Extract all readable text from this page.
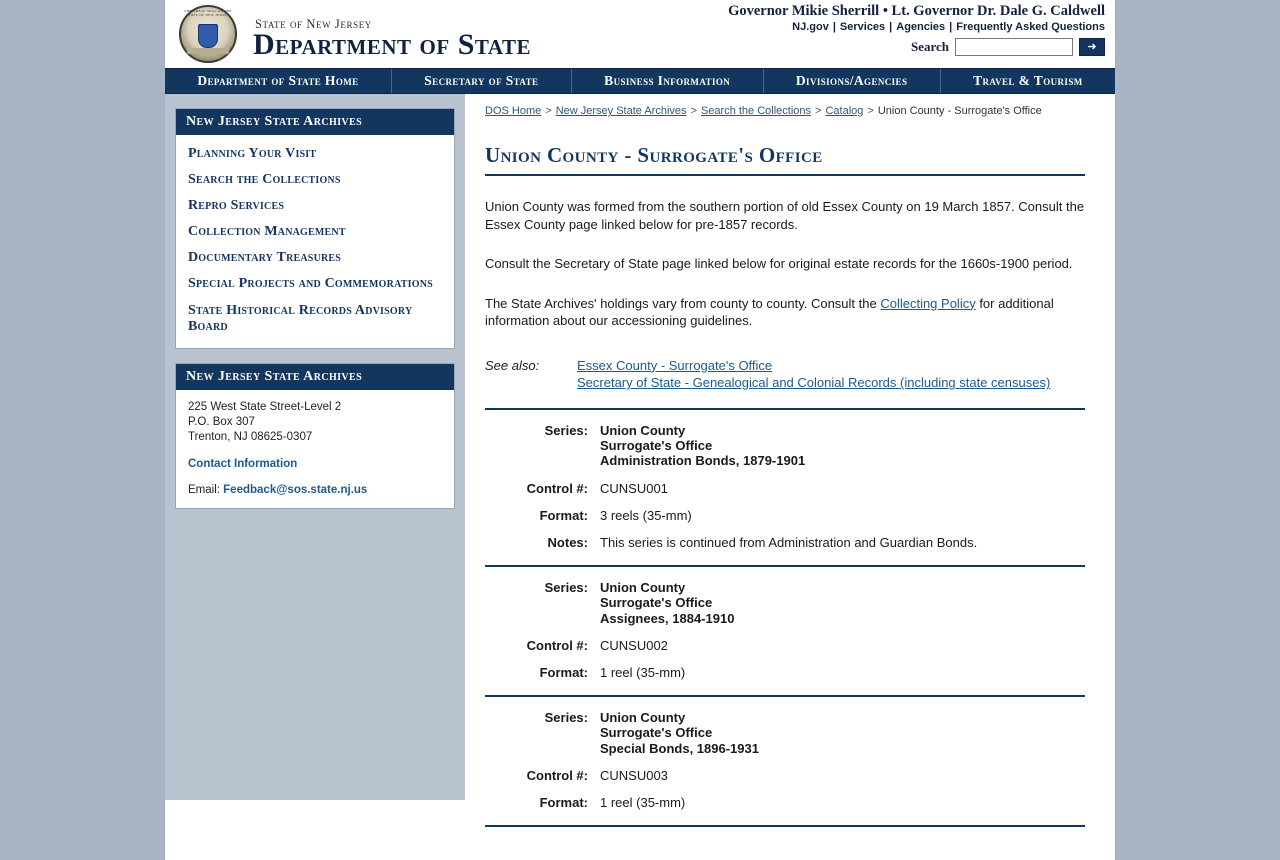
THE GREAT SEAL OF THE STATE OF NEW JERSEY
State of New Jersey
Department of State
Governor Mikie Sherrill • Lt. Governor Dr. Dale G. Caldwell
NJ.gov | Services | Agencies | Frequently Asked Questions
Search	➜
Department of State Home	Secretary of State	Business Information	Divisions/Agencies	Travel & Tourism
New Jersey State Archives
Planning Your Visit
Search the Collections
Repro Services
Collection Management
Documentary Treasures
Special Projects and Commemorations
State Historical Records Advisory Board
New Jersey State Archives
225 West State Street-Level 2
P.O. Box 307
Trenton, NJ 08625-0307
Contact Information
Email: Feedback@sos.state.nj.us
DOS Home > New Jersey State Archives > Search the Collections > Catalog > Union County - Surrogate's Office
Union County - Surrogate's Office

Union County was formed from the southern portion of old Essex County on 19 March 1857. Consult the Essex County page linked below for pre-1857 records.

Consult the Secretary of State page linked below for original estate records for the 1660s-1900 period.

The State Archives' holdings vary from county to county. Consult the Collecting Policy for additional information about our accessioning guidelines.

See also:	Essex County - Surrogate's Office
Secretary of State - Genealogical and Colonial Records (including state censuses)
Series: Union County
Surrogate's Office
Administration Bonds, 1879-1901
Control #: CUNSU001
Format: 3 reels (35-mm)
Notes: This series is continued from Administration and Guardian Bonds.
Series: Union County
Surrogate's Office
Assignees, 1884-1910
Control #: CUNSU002
Format: 1 reel (35-mm)
Series: Union County
Surrogate's Office
Special Bonds, 1896-1931
Control #: CUNSU003
Format: 1 reel (35-mm)
